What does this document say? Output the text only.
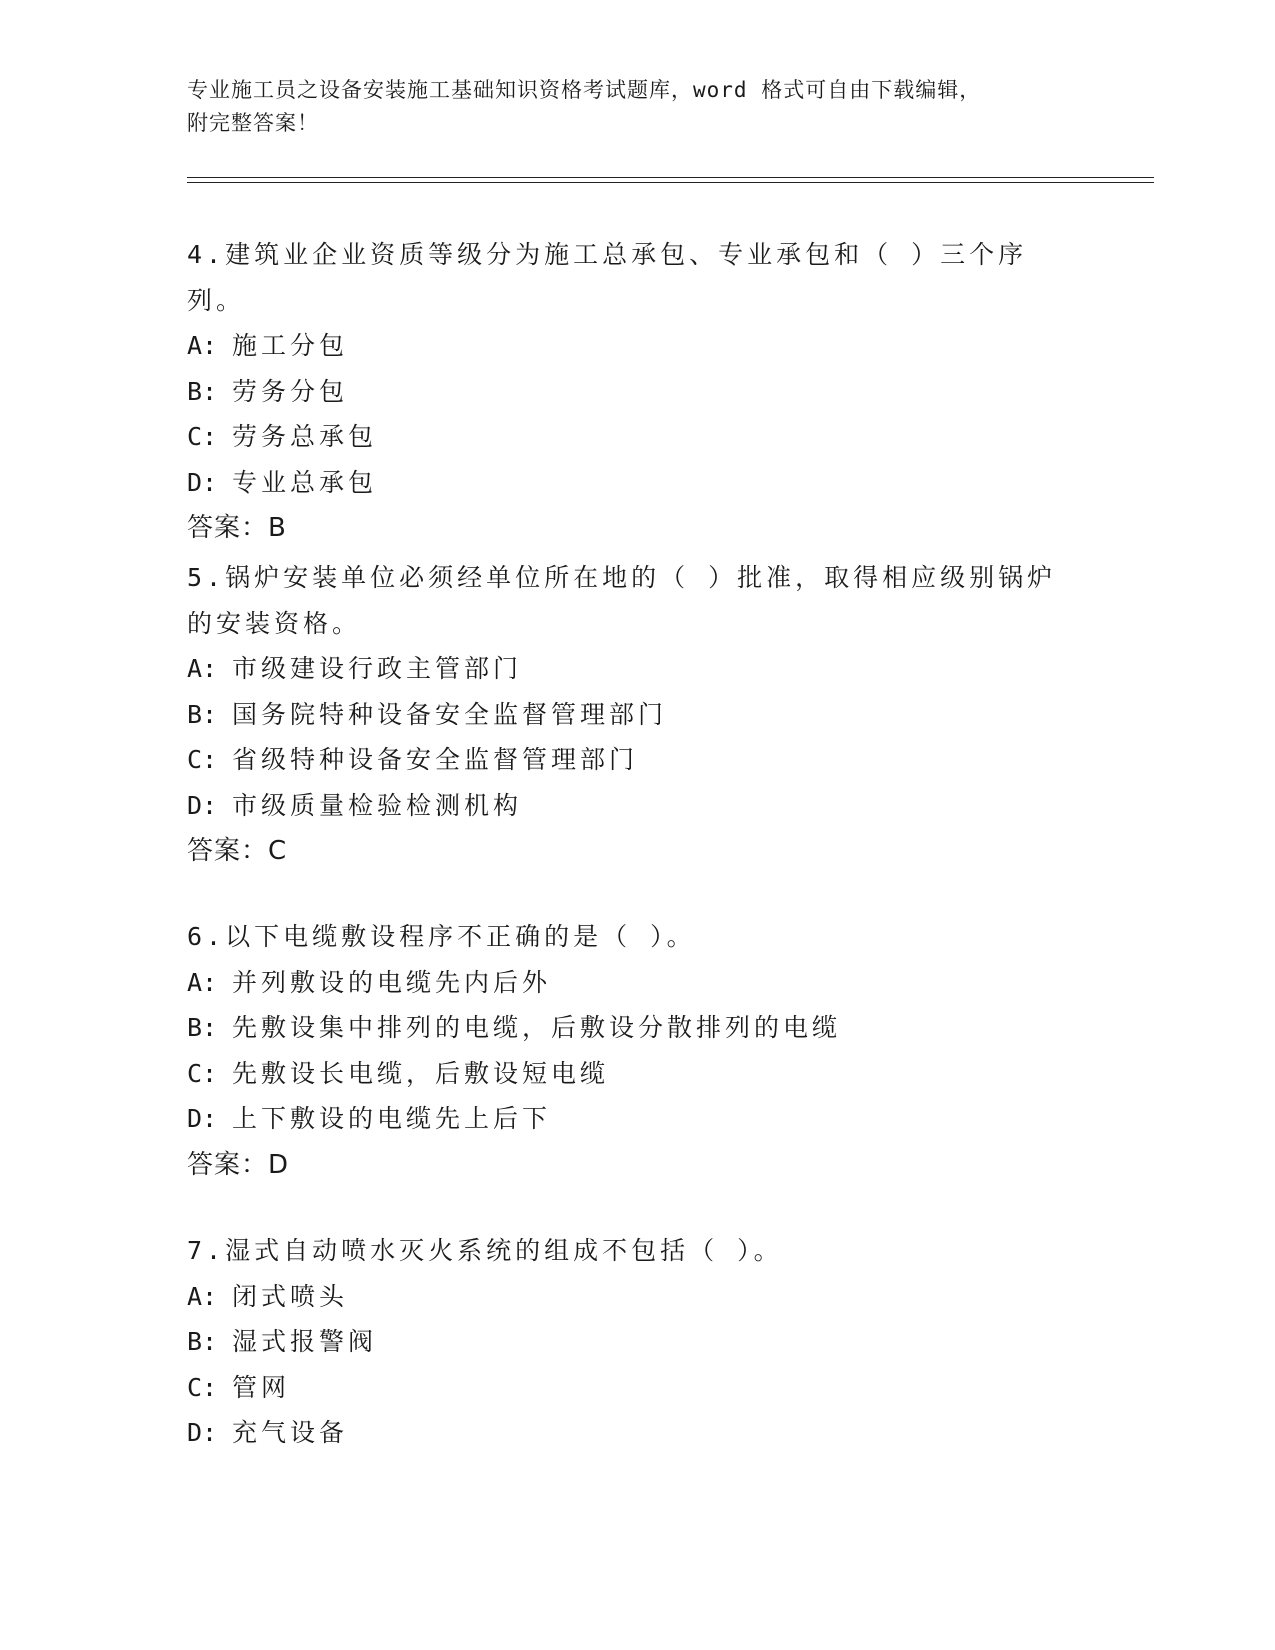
专业施工员之设备安装施工基础知识资格考试题库，word 格式可自由下载编辑，
附完整答案！
4.建筑业企业资质等级分为施工总承包、专业承包和（ ）三个序列。
A: 施工分包
B: 劳务分包
C: 劳务总承包
D: 专业总承包
答案：B
5.锅炉安装单位必须经单位所在地的（ ）批准，取得相应级别锅炉的安装资格。
A: 市级建设行政主管部门
B: 国务院特种设备安全监督管理部门
C: 省级特种设备安全监督管理部门
D: 市级质量检验检测机构
答案：C
6.以下电缆敷设程序不正确的是（ ）。
A: 并列敷设的电缆先内后外
B: 先敷设集中排列的电缆，后敷设分散排列的电缆
C: 先敷设长电缆，后敷设短电缆
D: 上下敷设的电缆先上后下
答案：D
7.湿式自动喷水灭火系统的组成不包括（ ）。
A: 闭式喷头
B: 湿式报警阀
C: 管网
D: 充气设备
